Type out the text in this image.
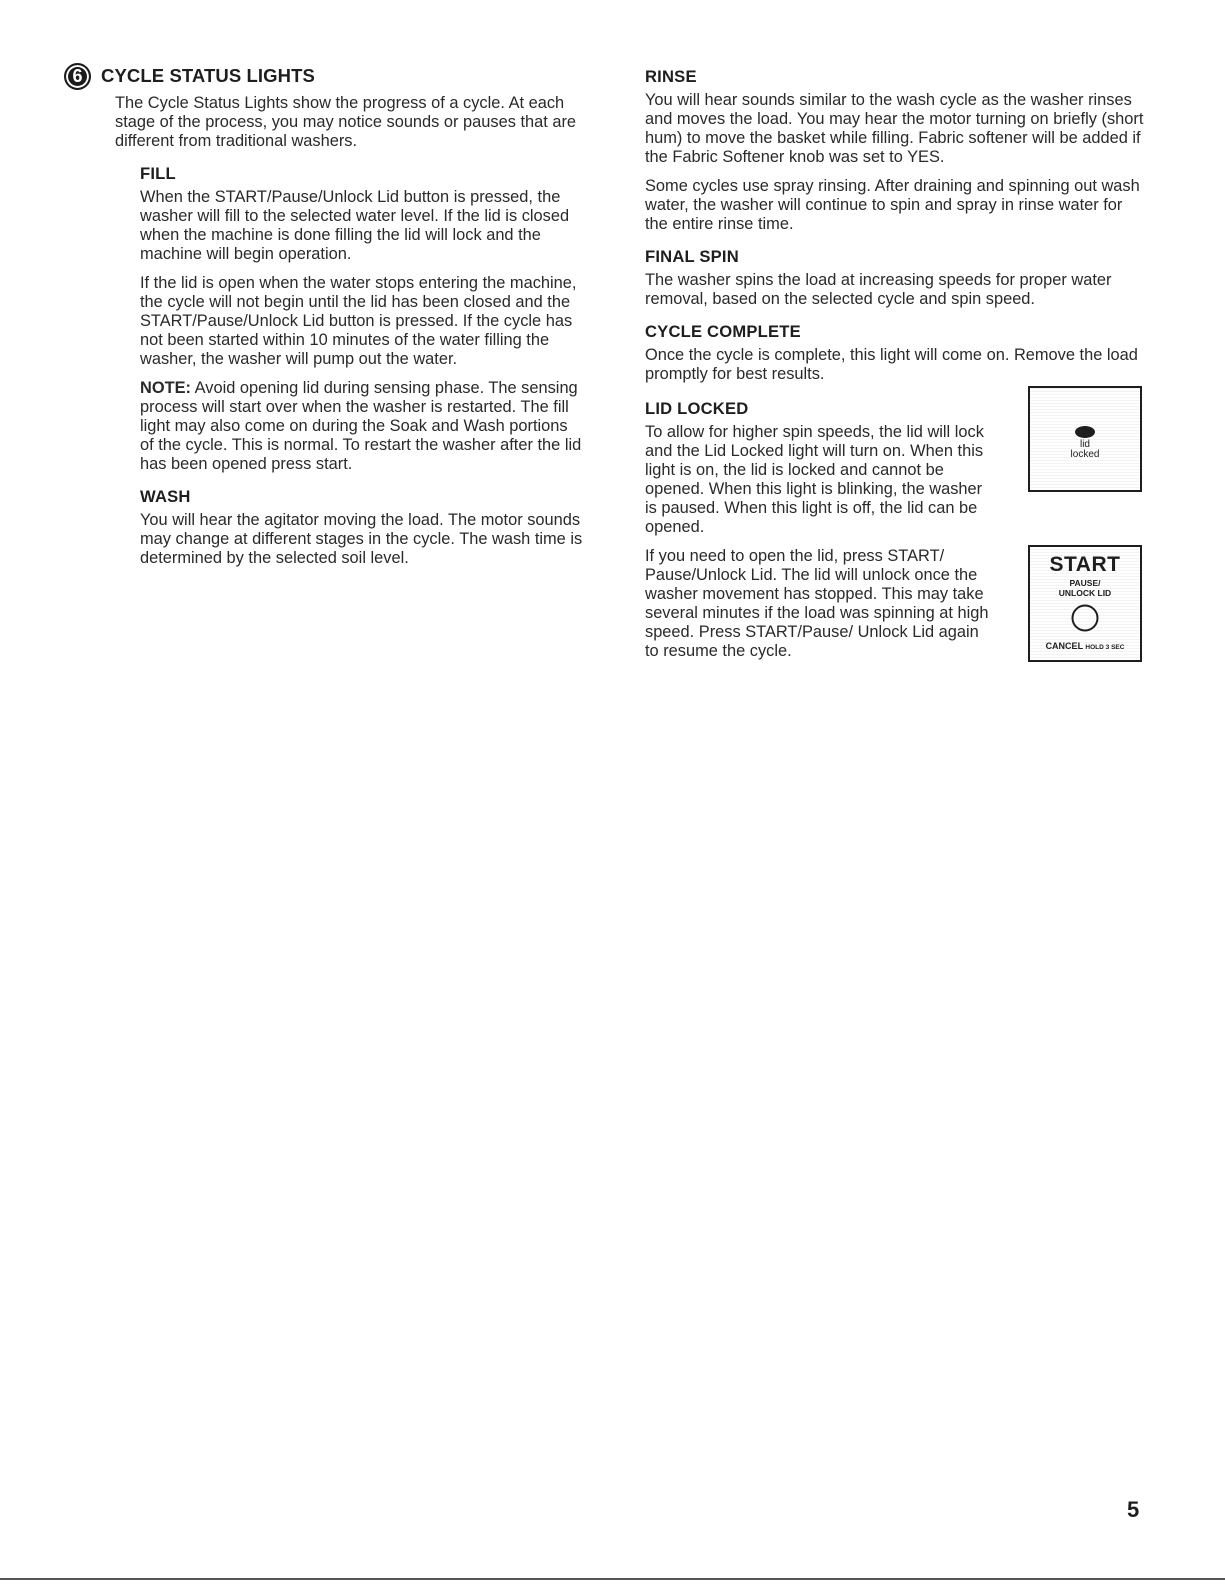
6	CYCLE STATUS LIGHTS
The Cycle Status Lights show the progress of a cycle. At each stage of the process, you may notice sounds or pauses that are different from traditional washers.
FILL

When the START/Pause/Unlock Lid button is pressed, the washer will fill to the selected water level. If the lid is closed when the machine is done filling the lid will lock and the machine will begin operation.

If the lid is open when the water stops entering the machine, the cycle will not begin until the lid has been closed and the START/Pause/Unlock Lid button is pressed. If the cycle has not been started within 10 minutes of the water filling the washer, the washer will pump out the water.

NOTE: Avoid opening lid during sensing phase. The sensing process will start over when the washer is restarted. The fill light may also come on during the Soak and Wash portions of the cycle. This is normal. To restart the washer after the lid has been opened press start.

WASH

You will hear the agitator moving the load. The motor sounds may change at different stages in the cycle. The wash time is determined by the selected soil level.

RINSE

You will hear sounds similar to the wash cycle as the washer rinses and moves the load. You may hear the motor turning on briefly (short hum) to move the basket while filling. Fabric softener will be added if the Fabric Softener knob was set to YES.

Some cycles use spray rinsing. After draining and spinning out wash water, the washer will continue to spin and spray in rinse water for the entire rinse time.

FINAL SPIN

The washer spins the load at increasing speeds for proper water removal, based on the selected cycle and spin speed.

CYCLE COMPLETE

Once the cycle is complete, this light will come on. Remove the load promptly for best results.

LID LOCKED

To allow for higher spin speeds, the lid will lock and the Lid Locked light will turn on. When this light is on, the lid is locked and cannot be opened. When this light is blinking, the washer is paused. When this light is off, the lid can be opened.

lid
locked

If you need to open the lid, press START/ Pause/Unlock Lid. The lid will unlock once the washer movement has stopped. This may take several minutes if the load was spinning at high speed. Press START/Pause/ Unlock Lid again to resume the cycle.

START
PAUSE/
UNLOCK LID
CANCEL HOLD 3 SEC
5
